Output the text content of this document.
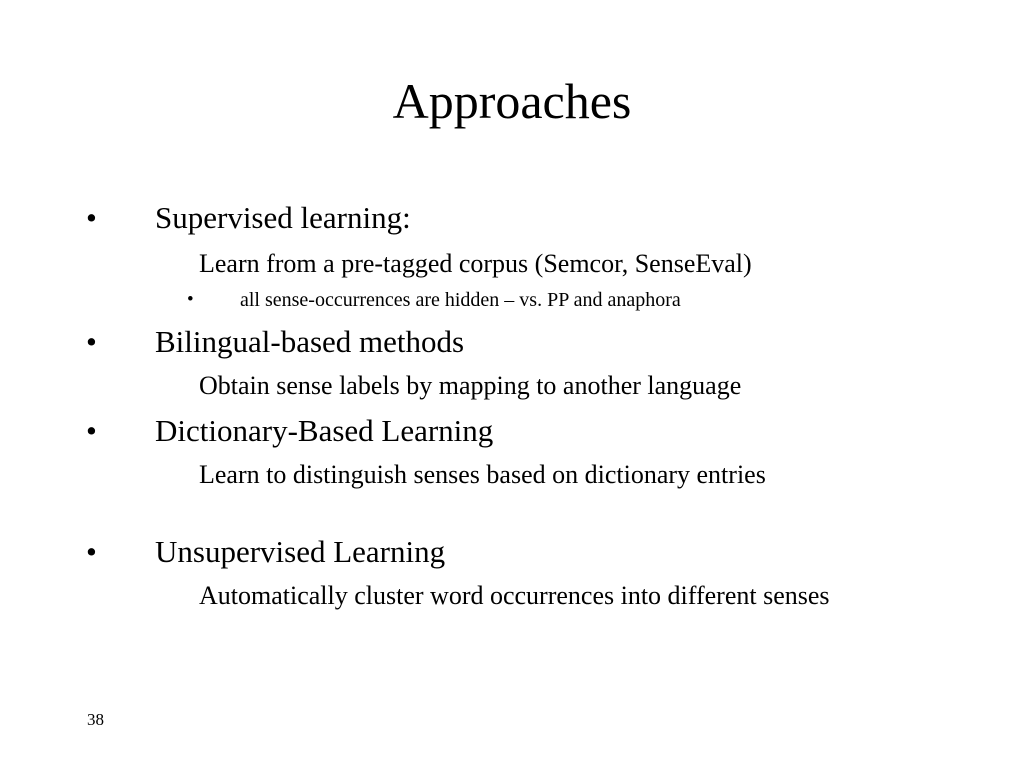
Approaches
• Supervised learning:
Learn from a pre-tagged corpus (Semcor, SenseEval)
• all sense-occurrences are hidden – vs. PP and anaphora
• Bilingual-based methods
Obtain sense labels by mapping to another language
• Dictionary-Based Learning
Learn to distinguish senses based on dictionary entries
• Unsupervised Learning
Automatically cluster word occurrences into different senses
38
